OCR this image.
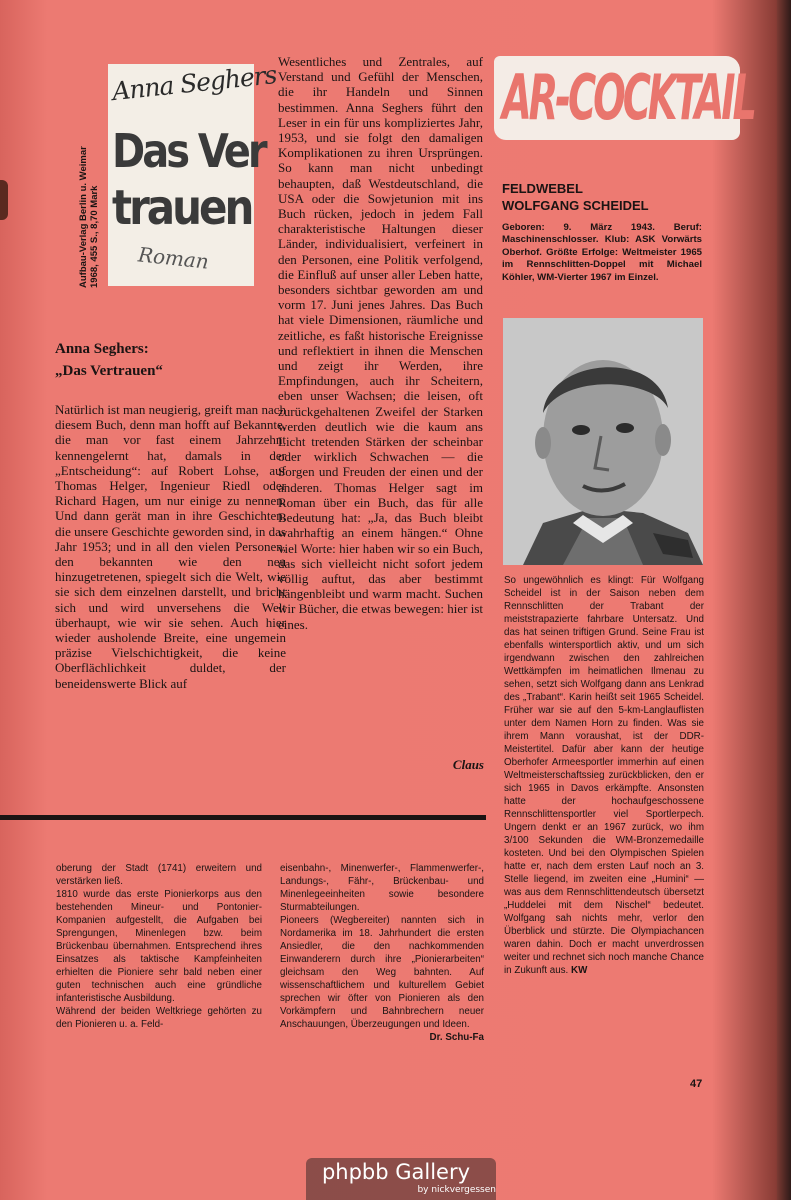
Anna Seghers
Das Ver
trauen
Roman
Aufbau-Verlag Berlin u. Weimar 1968, 455 S., 8,70 Mark
Anna Seghers:
„Das Vertrauen“
Natürlich ist man neugierig, greift man nach diesem Buch, denn man hofft auf Bekannte, die man vor fast einem Jahrzehnt kennengelernt hat, damals in der „Entscheidung“: auf Robert Lohse, auf Thomas Helger, Ingenieur Riedl oder Richard Hagen, um nur einige zu nennen. Und dann gerät man in ihre Geschichten, die unsere Geschichte geworden sind, in das Jahr 1953; und in all den vielen Personen, den bekannten wie den neu hinzugetretenen, spiegelt sich die Welt, wie sie sich dem einzelnen darstellt, und bricht sich und wird unversehens die Welt überhaupt, wie wir sie sehen. Auch hier wieder ausholende Breite, eine ungemein präzise Vielschichtigkeit, die keine Oberflächlichkeit duldet, der beneidenswerte Blick auf
Wesentliches und Zentrales, auf Verstand und Gefühl der Menschen, die ihr Handeln und Sinnen bestimmen. Anna Seghers führt den Leser in ein für uns kompliziertes Jahr, 1953, und sie folgt den damaligen Komplikationen zu ihren Ursprüngen. So kann man nicht unbedingt behaupten, daß Westdeutschland, die USA oder die Sowjetunion mit ins Buch rücken, jedoch in jedem Fall charakteristische Haltungen dieser Länder, individualisiert, verfeinert in den Personen, eine Politik verfolgend, die Einfluß auf unser aller Leben hatte, besonders sichtbar geworden am und vorm 17. Juni jenes Jahres. Das Buch hat viele Dimensionen, räumliche und zeitliche, es faßt historische Ereignisse und reflektiert in ihnen die Menschen und zeigt ihr Werden, ihre Empfindungen, auch ihr Scheitern, eben unser Wachsen; die leisen, oft zurückgehaltenen Zweifel der Starken werden deutlich wie die kaum ans Licht tretenden Stärken der scheinbar oder wirklich Schwachen — die Sorgen und Freuden der einen und der anderen. Thomas Helger sagt im Roman über ein Buch, das für alle Bedeutung hat: „Ja, das Buch bleibt wahrhaftig an einem hängen.“ Ohne viel Worte: hier haben wir so ein Buch, das sich vielleicht nicht sofort jedem völlig auftut, das aber bestimmt hängenbleibt und warm macht. Suchen wir Bücher, die etwas bewegen: hier ist eines.
Claus
AR-COCKTAIL
FELDWEBEL
WOLFGANG SCHEIDEL
Geboren: 9. März 1943. Beruf: Maschinenschlosser. Klub: ASK Vorwärts Oberhof. Größte Erfolge: Weltmeister 1965 im Rennschlitten-Doppel mit Michael Köhler, WM-Vierter 1967 im Einzel.
So ungewöhnlich es klingt: Für Wolfgang Scheidel ist in der Saison neben dem Rennschlitten der Trabant der meiststrapazierte fahrbare Untersatz. Und das hat seinen triftigen Grund. Seine Frau ist ebenfalls wintersportlich aktiv, und um sich irgendwann zwischen den zahlreichen Wettkämpfen im heimatlichen Ilmenau zu sehen, setzt sich Wolfgang dann ans Lenkrad des „Trabant“. Karin heißt seit 1965 Scheidel. Früher war sie auf den 5-km-Langlauflisten unter dem Namen Horn zu finden. Was sie ihrem Mann voraushat, ist der DDR-Meistertitel. Dafür aber kann der heutige Oberhofer Armeesportler immerhin auf einen Weltmeisterschaftssieg zurückblicken, den er sich 1965 in Davos erkämpfte. Ansonsten hatte der hochaufgeschossene Rennschlittensportler viel Sportlerpech. Ungern denkt er an 1967 zurück, wo ihm 3/100 Sekunden die WM-Bronzemedaille kosteten. Und bei den Olympischen Spielen hatte er, nach dem ersten Lauf noch an 3. Stelle liegend, im zweiten eine „Humini“ — was aus dem Rennschlittendeutsch übersetzt „Huddelei mit dem Nischel“ bedeutet. Wolfgang sah nichts mehr, verlor den Überblick und stürzte. Die Olympiachancen waren dahin. Doch er macht unverdrossen weiter und rechnet sich noch manche Chance in Zukunft aus. KW
oberung der Stadt (1741) erweitern und verstärken ließ.
1810 wurde das erste Pionierkorps aus den bestehenden Mineur- und Pontonier-Kompanien aufgestellt, die Aufgaben bei Sprengungen, Minenlegen bzw. beim Brückenbau übernahmen. Entsprechend ihres Einsatzes als taktische Kampfeinheiten erhielten die Pioniere sehr bald neben einer guten technischen auch eine gründliche infanteristische Ausbildung.
Während der beiden Weltkriege gehörten zu den Pionieren u. a. Feld-
eisenbahn-, Minenwerfer-, Flammenwerfer-, Landungs-, Fähr-, Brückenbau- und Minenlegeeinheiten sowie besondere Sturmabteilungen.
Pioneers (Wegbereiter) nannten sich in Nordamerika im 18. Jahrhundert die ersten Ansiedler, die den nachkommenden Einwanderern durch ihre „Pionierarbeiten“ gleichsam den Weg bahnten. Auf wissenschaftlichem und kulturellem Gebiet sprechen wir öfter von Pionieren als den Vorkämpfern und Bahnbrechern neuer Anschauungen, Überzeugungen und Ideen.
Dr. Schu-Fa
47
phpbb Gallery
by nickvergessen
